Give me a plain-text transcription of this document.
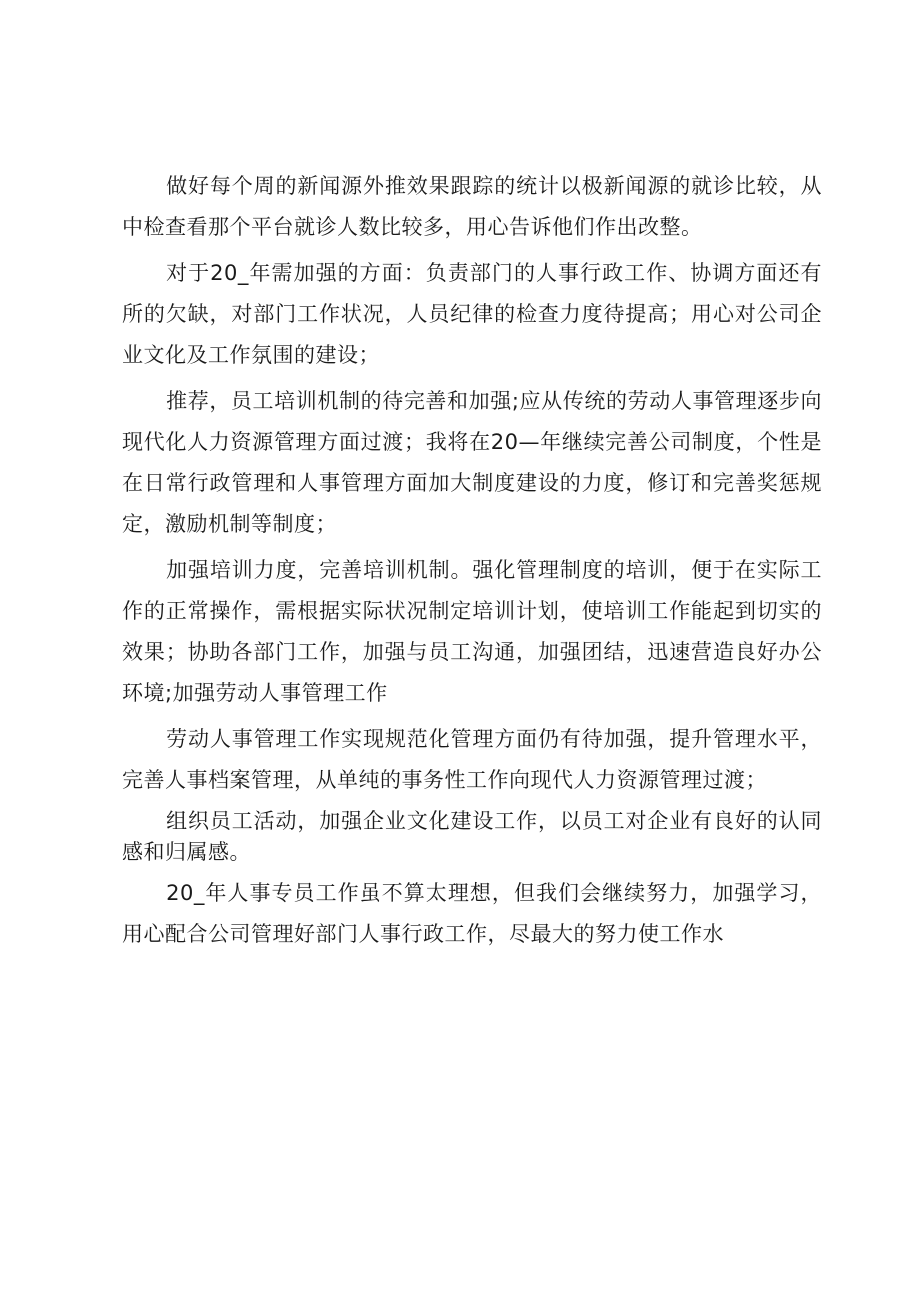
做好每个周的新闻源外推效果跟踪的统计以极新闻源的就诊比较，从中检查看那个平台就诊人数比较多，用心告诉他们作出改整。

对于20_年需加强的方面：负责部门的人事行政工作、协调方面还有所的欠缺，对部门工作状况，人员纪律的检查力度待提高；用心对公司企业文化及工作氛围的建设；

推荐，员工培训机制的待完善和加强;应从传统的劳动人事管理逐步向现代化人力资源管理方面过渡；我将在20—年继续完善公司制度，个性是在日常行政管理和人事管理方面加大制度建设的力度，修订和完善奖惩规定，激励机制等制度；

加强培训力度，完善培训机制。强化管理制度的培训，便于在实际工作的正常操作，需根据实际状况制定培训计划，使培训工作能起到切实的效果；协助各部门工作，加强与员工沟通，加强团结，迅速营造良好办公环境;加强劳动人事管理工作

劳动人事管理工作实现规范化管理方面仍有待加强，提升管理水平，完善人事档案管理，从单纯的事务性工作向现代人力资源管理过渡；

组织员工活动，加强企业文化建设工作，以员工对企业有良好的认同感和归属感。

20_年人事专员工作虽不算太理想，但我们会继续努力，加强学习，用心配合公司管理好部门人事行政工作，尽最大的努力使工作水
